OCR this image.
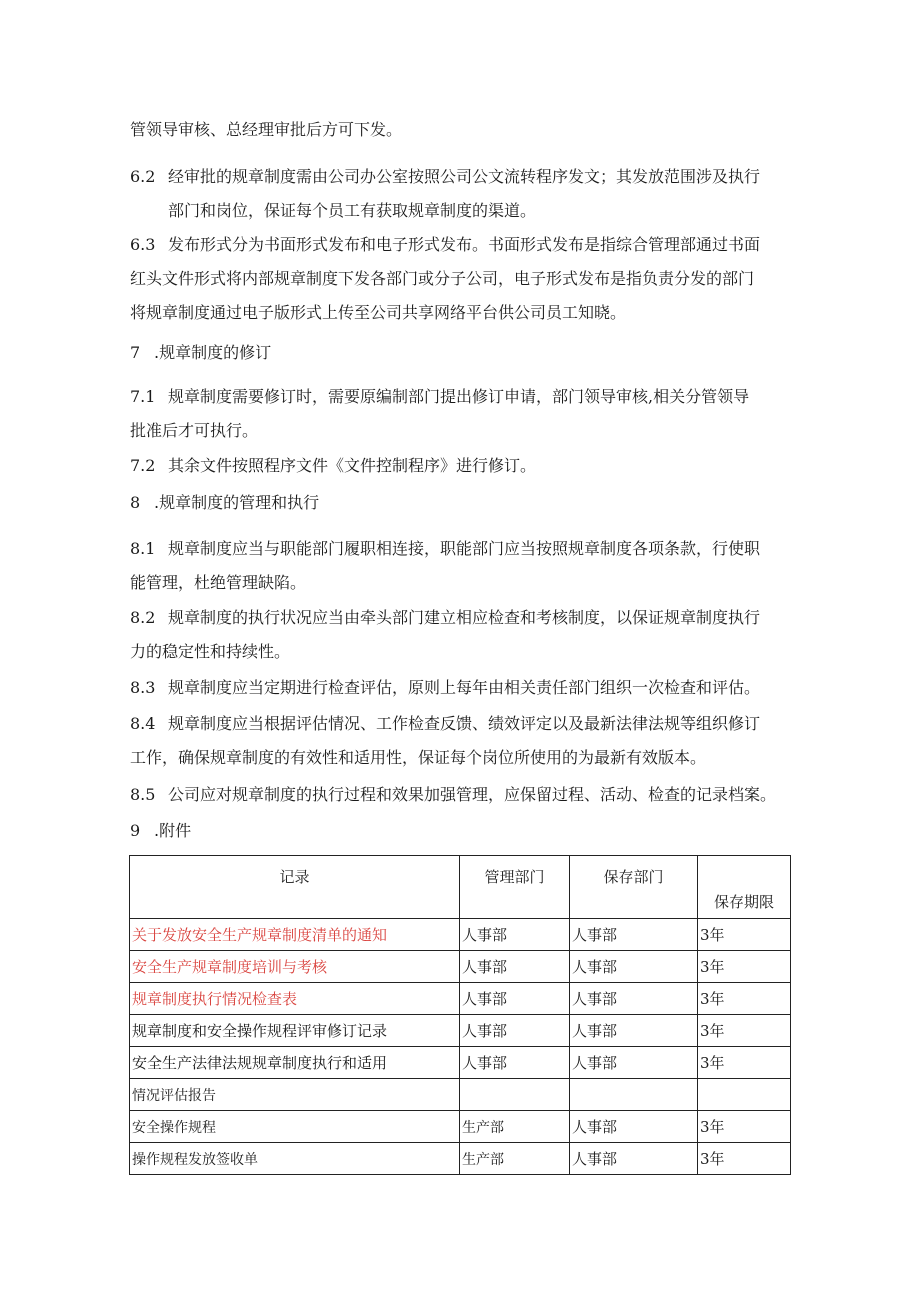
管领导审核、总经理审批后方可下发。
6.2 经审批的规章制度需由公司办公室按照公司公文流转程序发文；其发放范围涉及执行
部门和岗位，保证每个员工有获取规章制度的渠道。
6.3 发布形式分为书面形式发布和电子形式发布。书面形式发布是指综合管理部通过书面
红头文件形式将内部规章制度下发各部门或分子公司，电子形式发布是指负责分发的部门
将规章制度通过电子版形式上传至公司共享网络平台供公司员工知晓。
7 .规章制度的修订
7.1 规章制度需要修订时，需要原编制部门提出修订申请，部门领导审核,相关分管领导
批准后才可执行。
7.2 其余文件按照程序文件《文件控制程序》进行修订。
8 .规章制度的管理和执行
8.1 规章制度应当与职能部门履职相连接，职能部门应当按照规章制度各项条款，行使职
能管理，杜绝管理缺陷。
8.2 规章制度的执行状况应当由牵头部门建立相应检查和考核制度，以保证规章制度执行
力的稳定性和持续性。
8.3 规章制度应当定期进行检查评估，原则上每年由相关责任部门组织一次检查和评估。
8.4 规章制度应当根据评估情况、工作检查反馈、绩效评定以及最新法律法规等组织修订
工作，确保规章制度的有效性和适用性，保证每个岗位所使用的为最新有效版本。
8.5 公司应对规章制度的执行过程和效果加强管理，应保留过程、活动、检查的记录档案。
9 .附件
记录	管理部门	保存部门	保存期限

关于发放安全生产规章制度清单的通知	人事部	人事部	3年
安全生产规章制度培训与考核	人事部	人事部	3年
规章制度执行情况检查表	人事部	人事部	3年
规章制度和安全操作规程评审修订记录	人事部	人事部	3年
安全生产法律法规规章制度执行和适用	人事部	人事部	3年
情况评估报告			
安全操作规程	生产部	人事部	3年
操作规程发放签收单	生产部	人事部	3年
